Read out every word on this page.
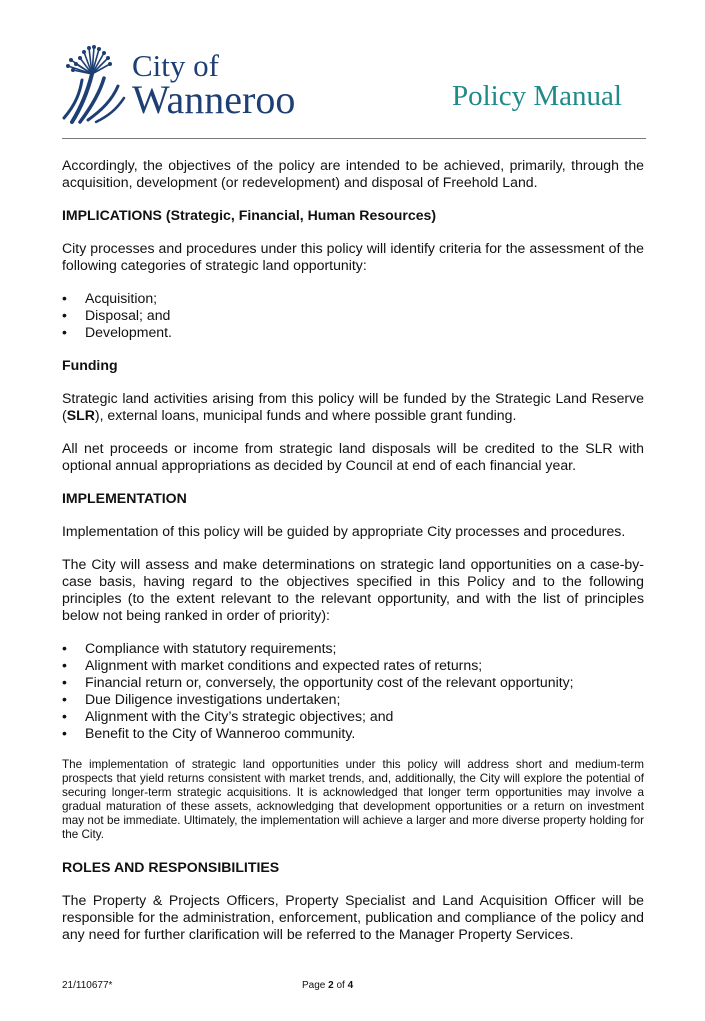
City of
Wanneroo	Policy Manual

Accordingly, the objectives of the policy are intended to be achieved, primarily, through the acquisition, development (or redevelopment) and disposal of Freehold Land.

IMPLICATIONS (Strategic, Financial, Human Resources)

City processes and procedures under this policy will identify criteria for the assessment of the following categories of strategic land opportunity:

• Acquisition;
• Disposal; and
• Development.
Funding

Strategic land activities arising from this policy will be funded by the Strategic Land Reserve (SLR), external loans, municipal funds and where possible grant funding.

All net proceeds or income from strategic land disposals will be credited to the SLR with optional annual appropriations as decided by Council at end of each financial year.

IMPLEMENTATION

Implementation of this policy will be guided by appropriate City processes and procedures.

The City will assess and make determinations on strategic land opportunities on a case-by-case basis, having regard to the objectives specified in this Policy and to the following principles (to the extent relevant to the relevant opportunity, and with the list of principles below not being ranked in order of priority):

• Compliance with statutory requirements;
• Alignment with market conditions and expected rates of returns;
• Financial return or, conversely, the opportunity cost of the relevant opportunity;
• Due Diligence investigations undertaken;
• Alignment with the City’s strategic objectives; and
• Benefit to the City of Wanneroo community.

The implementation of strategic land opportunities under this policy will address short and medium-term prospects that yield returns consistent with market trends, and, additionally, the City will explore the potential of securing longer-term strategic acquisitions. It is acknowledged that longer term opportunities may involve a gradual maturation of these assets, acknowledging that development opportunities or a return on investment may not be immediate. Ultimately, the implementation will achieve a larger and more diverse property holding for the City.

ROLES AND RESPONSIBILITIES

The Property & Projects Officers, Property Specialist and Land Acquisition Officer will be responsible for the administration, enforcement, publication and compliance of the policy and any need for further clarification will be referred to the Manager Property Services.

21/110677*	Page 2 of 4
